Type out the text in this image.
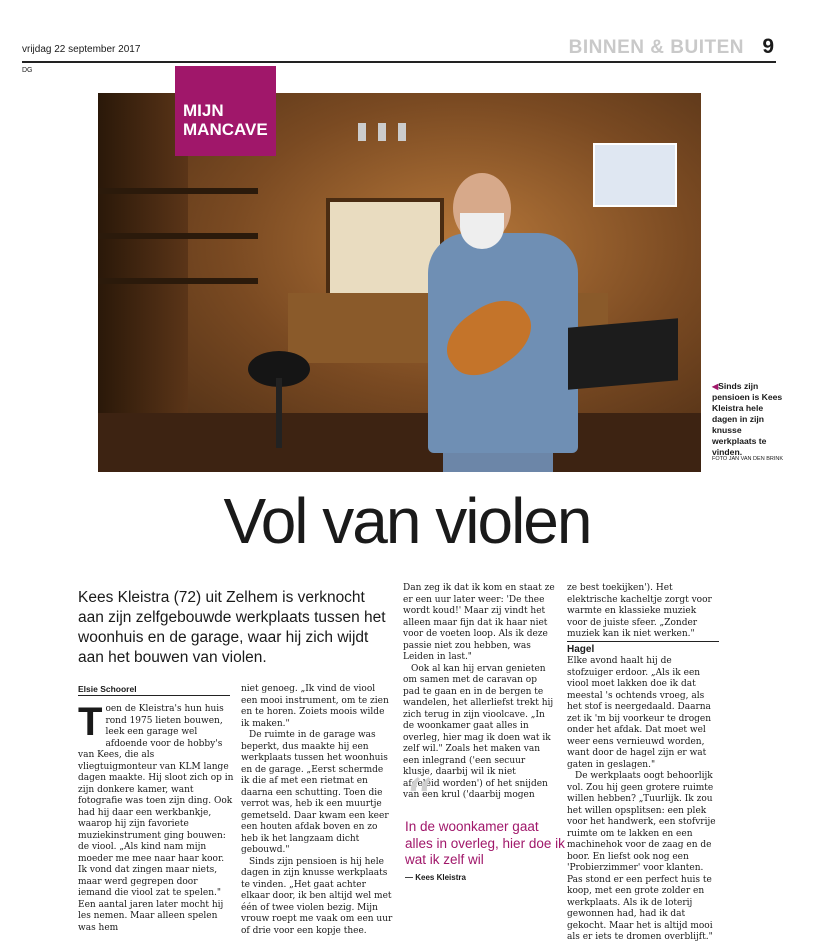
vrijdag 22 september 2017	BINNEN & BUITEN 9
DG
MIJN
MANCAVE
◀Sinds zijn pensioen is Kees Kleistra hele dagen in zijn knusse werkplaats te vinden.
FOTO JAN VAN DEN BRINK
Vol van violen
Kees Kleistra (72) uit Zelhem is verknocht aan zijn zelfgebouwde werkplaats tussen het woonhuis en de garage, waar hij zich wijdt aan het bouwen van violen.
Elsie Schoorel

Toen de Kleistra's hun huis rond 1975 lieten bouwen, leek een garage wel afdoende voor de hobby's van Kees, die als vliegtuigmonteur van KLM lange dagen maakte. Hij sloot zich op in zijn donkere kamer, want fotografie was toen zijn ding. Ook had hij daar een werkbankje, waarop hij zijn favoriete muziekinstrument ging bouwen: de viool. „Als kind nam mijn moeder me mee naar haar koor. Ik vond dat zingen maar niets, maar werd gegrepen door iemand die viool zat te spelen." Een aantal jaren later mocht hij les nemen. Maar alleen spelen was hem

niet genoeg. „Ik vind de viool een mooi instrument, om te zien en te horen. Zoiets moois wilde ik maken."

De ruimte in de garage was beperkt, dus maakte hij een werkplaats tussen het woonhuis en de garage. „Eerst schermde ik die af met een rietmat en daarna een schutting. Toen die verrot was, heb ik een muurtje gemetseld. Daar kwam een keer een houten afdak boven en zo heb ik het langzaam dicht gebouwd."

Sinds zijn pensioen is hij hele dagen in zijn knusse werkplaats te vinden. „Het gaat achter elkaar door, ik ben altijd wel met één of twee violen bezig. Mijn vrouw roept me vaak om een uur of drie voor een kopje thee.

Dan zeg ik dat ik kom en staat ze er een uur later weer: 'De thee wordt koud!' Maar zij vindt het alleen maar fijn dat ik haar niet voor de voeten loop. Als ik deze passie niet zou hebben, was Leiden in last."

Ook al kan hij ervan genieten om samen met de caravan op pad te gaan en in de bergen te wandelen, het allerliefst trekt hij zich terug in zijn vioolcave. „In de woonkamer gaat alles in overleg, hier mag ik doen wat ik zelf wil." Zoals het maken van een inlegrand ('een secuur klusje, daarbij wil ik niet afgeleid worden') of het snijden van een krul ('daarbij mogen

“
In de woonkamer gaat alles in overleg, hier doe ik wat ik zelf wil
— Kees Kleistra

ze best toekijken'). Het elektrische kacheltje zorgt voor warmte en klassieke muziek voor de juiste sfeer. „Zonder muziek kan ik niet werken."

Hagel

Elke avond haalt hij de stofzuiger erdoor. „Als ik een viool moet lakken doe ik dat meestal 's ochtends vroeg, als het stof is neergedaald. Daarna zet ik 'm bij voorkeur te drogen onder het afdak. Dat moet wel weer eens vernieuwd worden, want door de hagel zijn er wat gaten in geslagen."

De werkplaats oogt behoorlijk vol. Zou hij geen grotere ruimte willen hebben? „Tuurlijk. Ik zou het willen opsplitsen: een plek voor het handwerk, een stofvrije ruimte om te lakken en een machinehok voor de zaag en de boor. En liefst ook nog een 'Probierzimmer' voor klanten. Pas stond er een perfect huis te koop, met een grote zolder en werkplaats. Als ik de loterij gewonnen had, had ik dat gekocht. Maar het is altijd mooi als er iets te dromen overblijft."
